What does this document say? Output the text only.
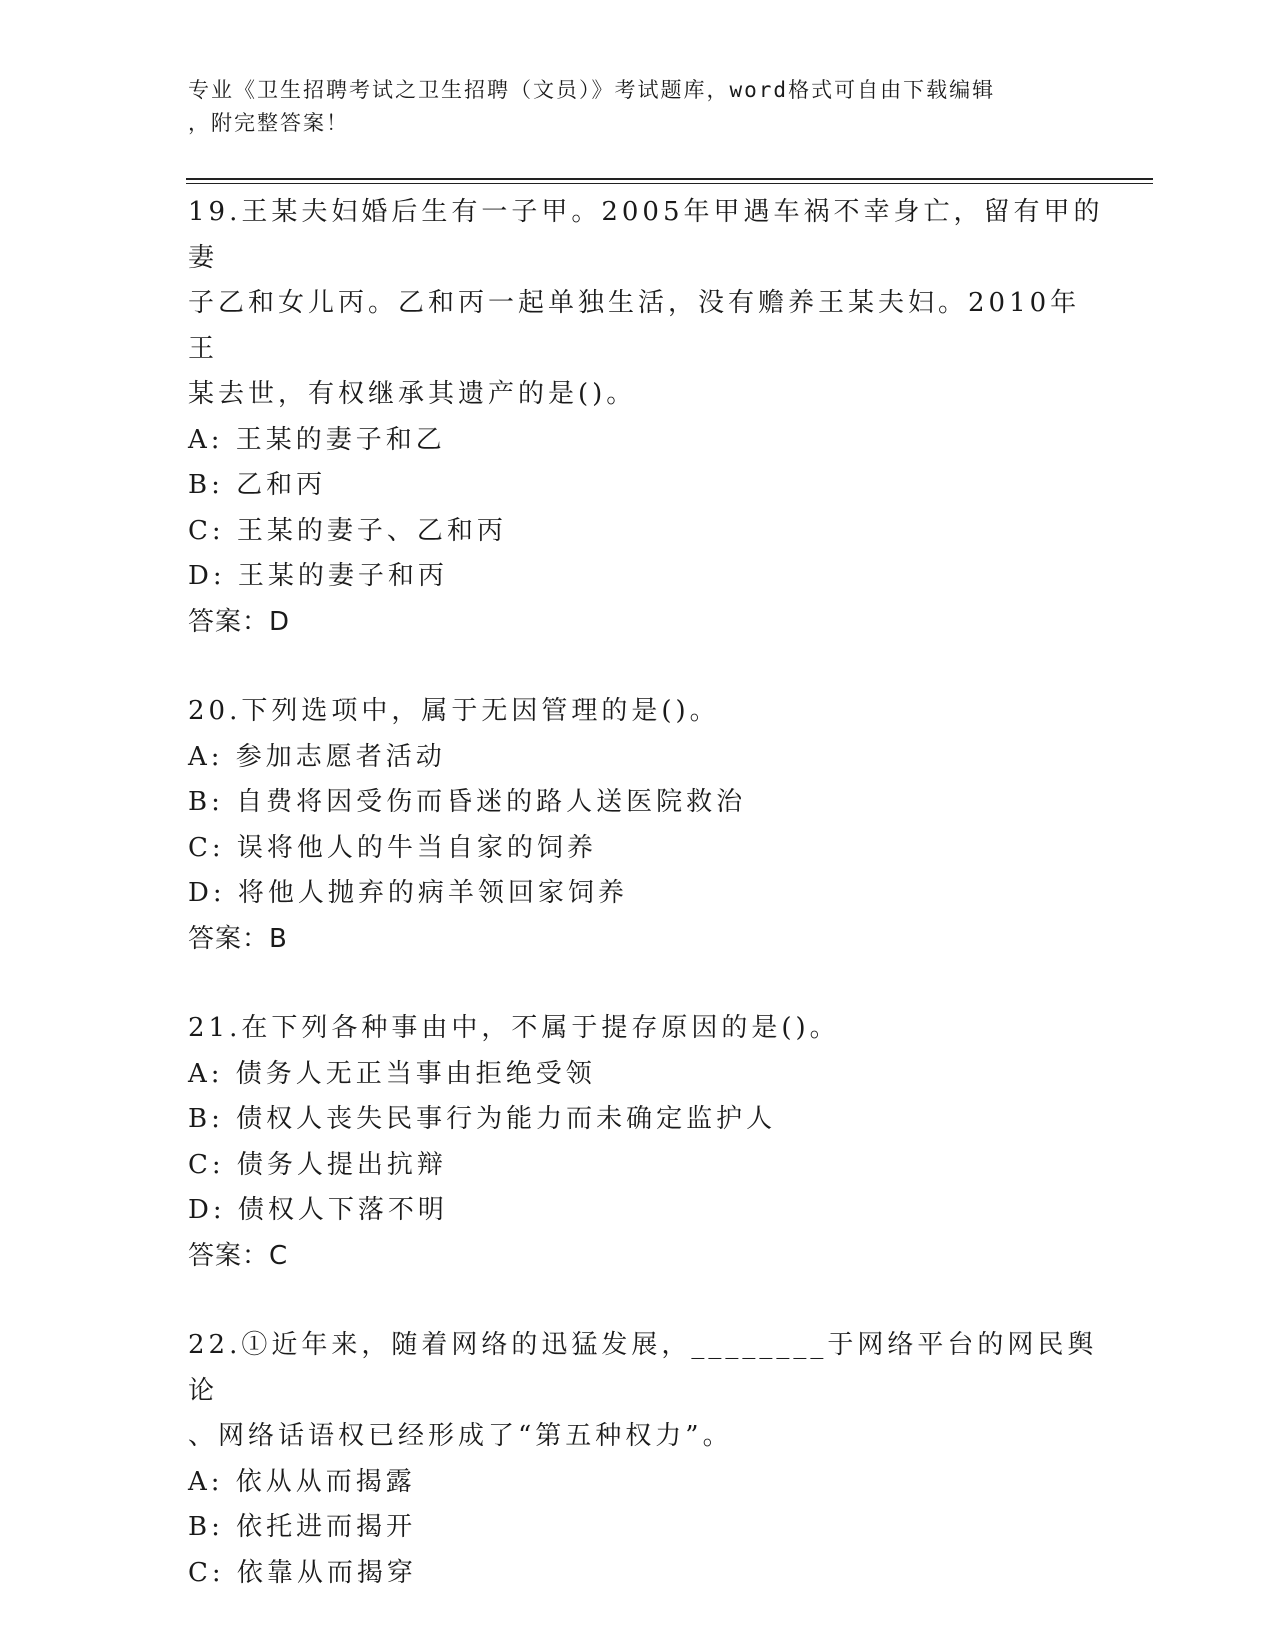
专业《卫生招聘考试之卫生招聘（文员）》考试题库，word格式可自由下载编辑
，附完整答案！

19.王某夫妇婚后生有一子甲。2005年甲遇车祸不幸身亡，留有甲的妻

子乙和女儿丙。乙和丙一起单独生活，没有赡养王某夫妇。2010年王

某去世，有权继承其遗产的是()。

A: 王某的妻子和乙

B: 乙和丙

C: 王某的妻子、乙和丙

D: 王某的妻子和丙

答案：D

20.下列选项中，属于无因管理的是()。

A: 参加志愿者活动

B: 自费将因受伤而昏迷的路人送医院救治

C: 误将他人的牛当自家的饲养

D: 将他人抛弃的病羊领回家饲养

答案：B

21.在下列各种事由中，不属于提存原因的是()。

A: 债务人无正当事由拒绝受领

B: 债权人丧失民事行为能力而未确定监护人

C: 债务人提出抗辩

D: 债权人下落不明

答案：C

22.①近年来，随着网络的迅猛发展，________于网络平台的网民舆论

、网络话语权已经形成了“第五种权力”。

A: 依从从而揭露

B: 依托进而揭开

C: 依靠从而揭穿
